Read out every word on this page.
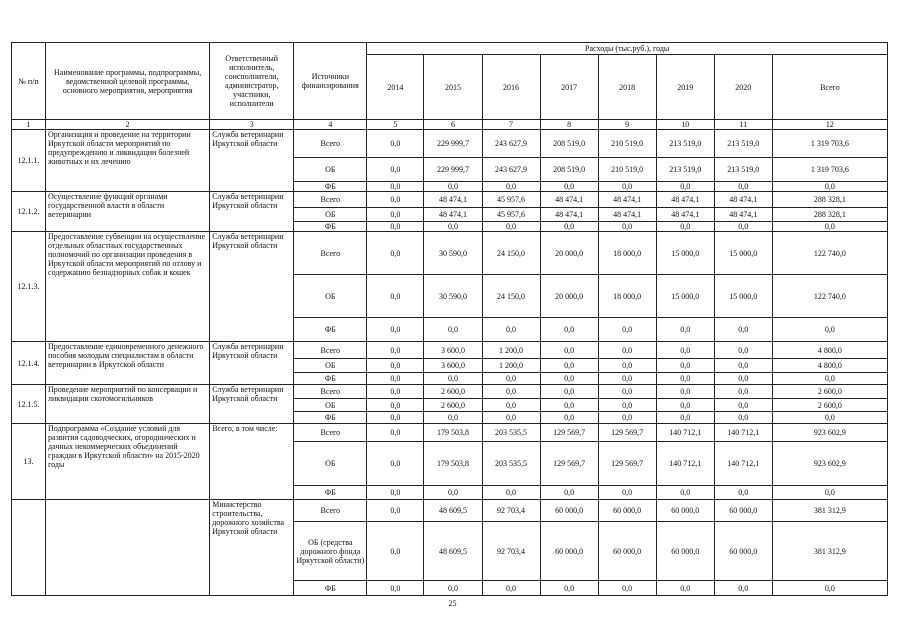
№ п/п	Наименование программы, подпрограммы, ведомственной целевой программы, основного мероприятия, мероприятия	Ответственный исполнитель, соисполнители, администратор, участники, исполнители	Источники финансирования	Расходы (тыс.руб.), годы							
				2014	2015	2016	2017	2018	2019	2020	Всего
1	2	3	4	5	6	7	8	9	10	11	12
12.1.1.	Организация и проведение на территории Иркутской области мероприятий по предупреждению и ликвидации болезней животных и их лечению	Служба ветеринарии Иркутской области	Всего	0,0	229 999,7	243 627,9	208 519,0	210 519,0	213 519,0	213 519,0	1 319 703,6
			ОБ	0,0	229 999,7	243 627,9	208 519,0	210 519,0	213 519,0	213 519,0	1 319 703,6
			ФБ	0,0	0,0	0,0	0,0	0,0	0,0	0,0	0,0
12.1.2.	Осуществление функций органами государственной власти в области ветеринарии	Служба ветеринарии Иркутской области	Всего	0,0	48 474,1	45 957,6	48 474,1	48 474,1	48 474,1	48 474,1	288 328,1
			ОБ	0,0	48 474,1	45 957,6	48 474,1	48 474,1	48 474,1	48 474,1	288 328,1
			ФБ	0,0	0,0	0,0	0,0	0,0	0,0	0,0	0,0
12.1.3.	Предоставление субвенции на осуществление отдельных областных государственных полномочий по организации проведения в Иркутской области мероприятий по отлову и содержанию безнадзорных собак и кошек	Служба ветеринарии Иркутской области	Всего	0,0	30 590,0	24 150,0	20 000,0	18 000,0	15 000,0	15 000,0	122 740,0
			ОБ	0,0	30 590,0	24 150,0	20 000,0	18 000,0	15 000,0	15 000,0	122 740,0
			ФБ	0,0	0,0	0,0	0,0	0,0	0,0	0,0	0,0
12.1.4.	Предоставление единовременного денежного пособия молодым специалистам в области ветеринарии в Иркутской области	Служба ветеринарии Иркутской области	Всего	0,0	3 600,0	1 200,0	0,0	0,0	0,0	0,0	4 800,0
			ОБ	0,0	3 600,0	1 200,0	0,0	0,0	0,0	0,0	4 800,0
			ФБ	0,0	0,0	0,0	0,0	0,0	0,0	0,0	0,0
12.1.5.	Проведение мероприятий по консервации и ликвидации скотомогильников	Служба ветеринарии Иркутской области	Всего	0,0	2 600,0	0,0	0,0	0,0	0,0	0,0	2 600,0
			ОБ	0,0	2 600,0	0,0	0,0	0,0	0,0	0,0	2 600,0
			ФБ	0,0	0,0	0,0	0,0	0,0	0,0	0,0	0,0
13.	Подпрограмма «Создание условий для развития садоводческих, огороднических и дачных некоммерческих объединений граждан в Иркутской области» на 2015-2020 годы	Всего, в том числе:	Всего	0,0	179 503,8	203 535,5	129 569,7	129 569,7	140 712,1	140 712,1	923 602,9
			ОБ	0,0	179 503,8	203 535,5	129 569,7	129 569,7	140 712,1	140 712,1	923 602,9
			ФБ	0,0	0,0	0,0	0,0	0,0	0,0	0,0	0,0
		Министерство строительства, дорожного хозяйства Иркутской области	Всего	0,0	48 609,5	92 703,4	60 000,0	60 000,0	60 000,0	60 000,0	381 312,9
			ОБ (средства дорожного фонда Иркутской области)	0,0	48 609,5	92 703,4	60 000,0	60 000,0	60 000,0	60 000,0	381 312,9
			ФБ	0,0	0,0	0,0	0,0	0,0	0,0	0,0	0,0
25
